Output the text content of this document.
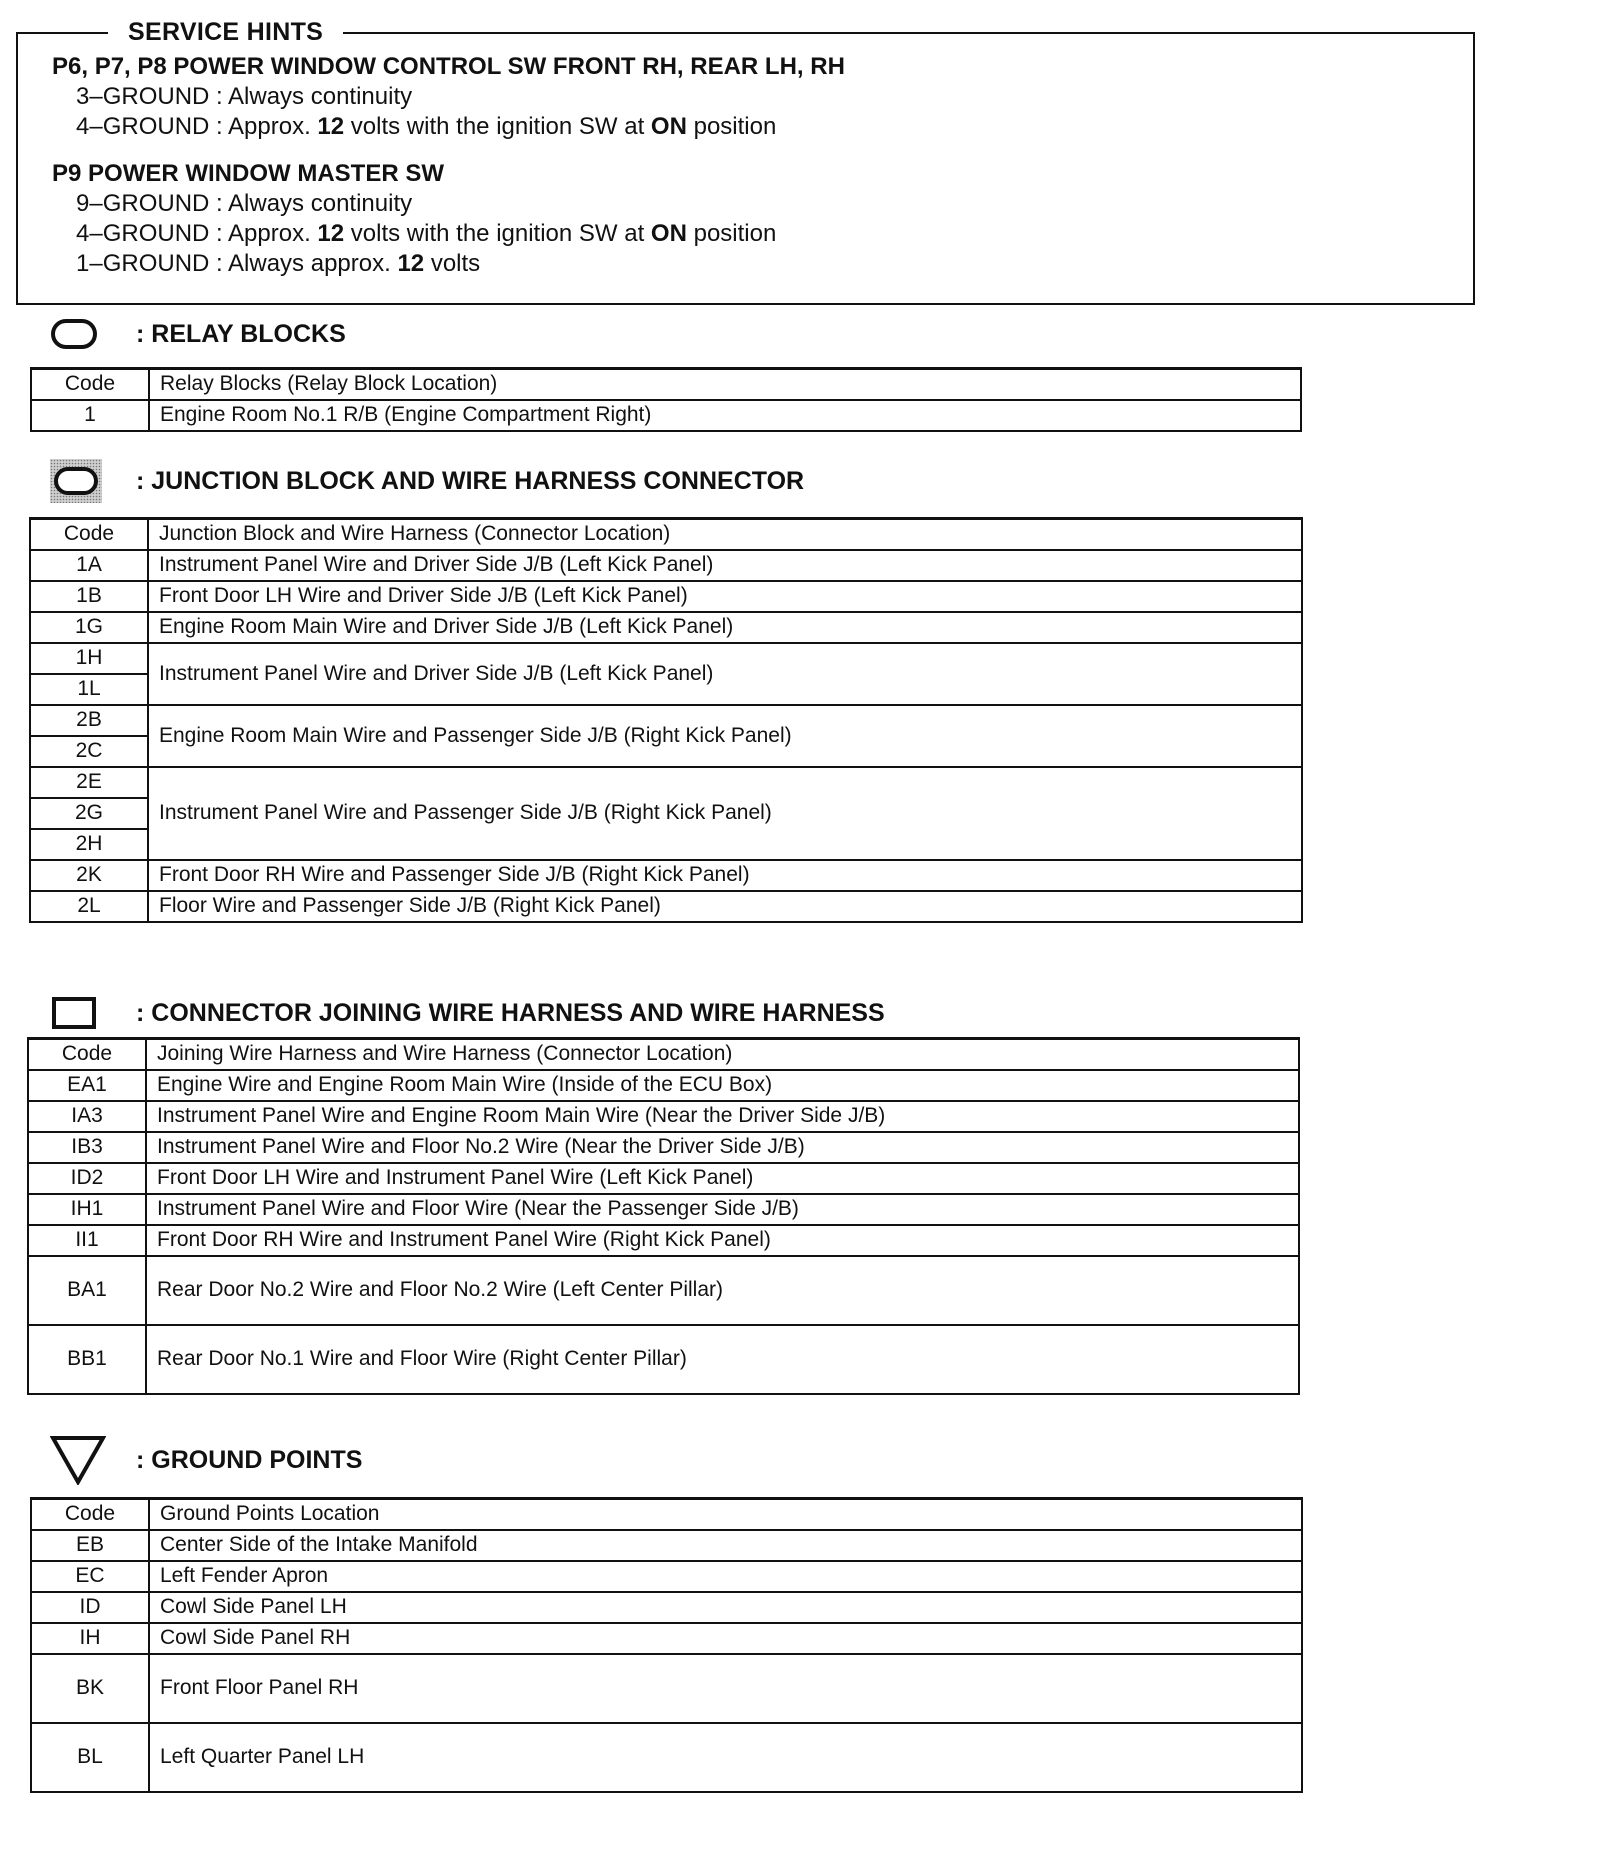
SERVICE HINTS

P6, P7, P8 POWER WINDOW CONTROL SW FRONT RH, REAR LH, RH

3–GROUND : Always continuity

4–GROUND : Approx. 12 volts with the ignition SW at ON position

P9 POWER WINDOW MASTER SW

9–GROUND : Always continuity

4–GROUND : Approx. 12 volts with the ignition SW at ON position

1–GROUND : Always approx. 12 volts

: RELAY BLOCKS
Code	Relay Blocks (Relay Block Location)
1	Engine Room No.1 R/B (Engine Compartment Right)
: JUNCTION BLOCK AND WIRE HARNESS CONNECTOR
Code	Junction Block and Wire Harness (Connector Location)
1A	Instrument Panel Wire and Driver Side J/B (Left Kick Panel)
1B	Front Door LH Wire and Driver Side J/B (Left Kick Panel)
1G	Engine Room Main Wire and Driver Side J/B (Left Kick Panel)
1H	Instrument Panel Wire and Driver Side J/B (Left Kick Panel)
1L	
2B	Engine Room Main Wire and Passenger Side J/B (Right Kick Panel)
2C	
2E	Instrument Panel Wire and Passenger Side J/B (Right Kick Panel)
2G	
2H	
2K	Front Door RH Wire and Passenger Side J/B (Right Kick Panel)
2L	Floor Wire and Passenger Side J/B (Right Kick Panel)
: CONNECTOR JOINING WIRE HARNESS AND WIRE HARNESS
Code	Joining Wire Harness and Wire Harness (Connector Location)
EA1	Engine Wire and Engine Room Main Wire (Inside of the ECU Box)
IA3	Instrument Panel Wire and Engine Room Main Wire (Near the Driver Side J/B)
IB3	Instrument Panel Wire and Floor No.2 Wire (Near the Driver Side J/B)
ID2	Front Door LH Wire and Instrument Panel Wire (Left Kick Panel)
IH1	Instrument Panel Wire and Floor Wire (Near the Passenger Side J/B)
II1	Front Door RH Wire and Instrument Panel Wire (Right Kick Panel)
BA1	Rear Door No.2 Wire and Floor No.2 Wire (Left Center Pillar)
BB1	Rear Door No.1 Wire and Floor Wire (Right Center Pillar)
: GROUND POINTS
Code	Ground Points Location
EB	Center Side of the Intake Manifold
EC	Left Fender Apron
ID	Cowl Side Panel LH
IH	Cowl Side Panel RH
BK	Front Floor Panel RH
BL	Left Quarter Panel LH
